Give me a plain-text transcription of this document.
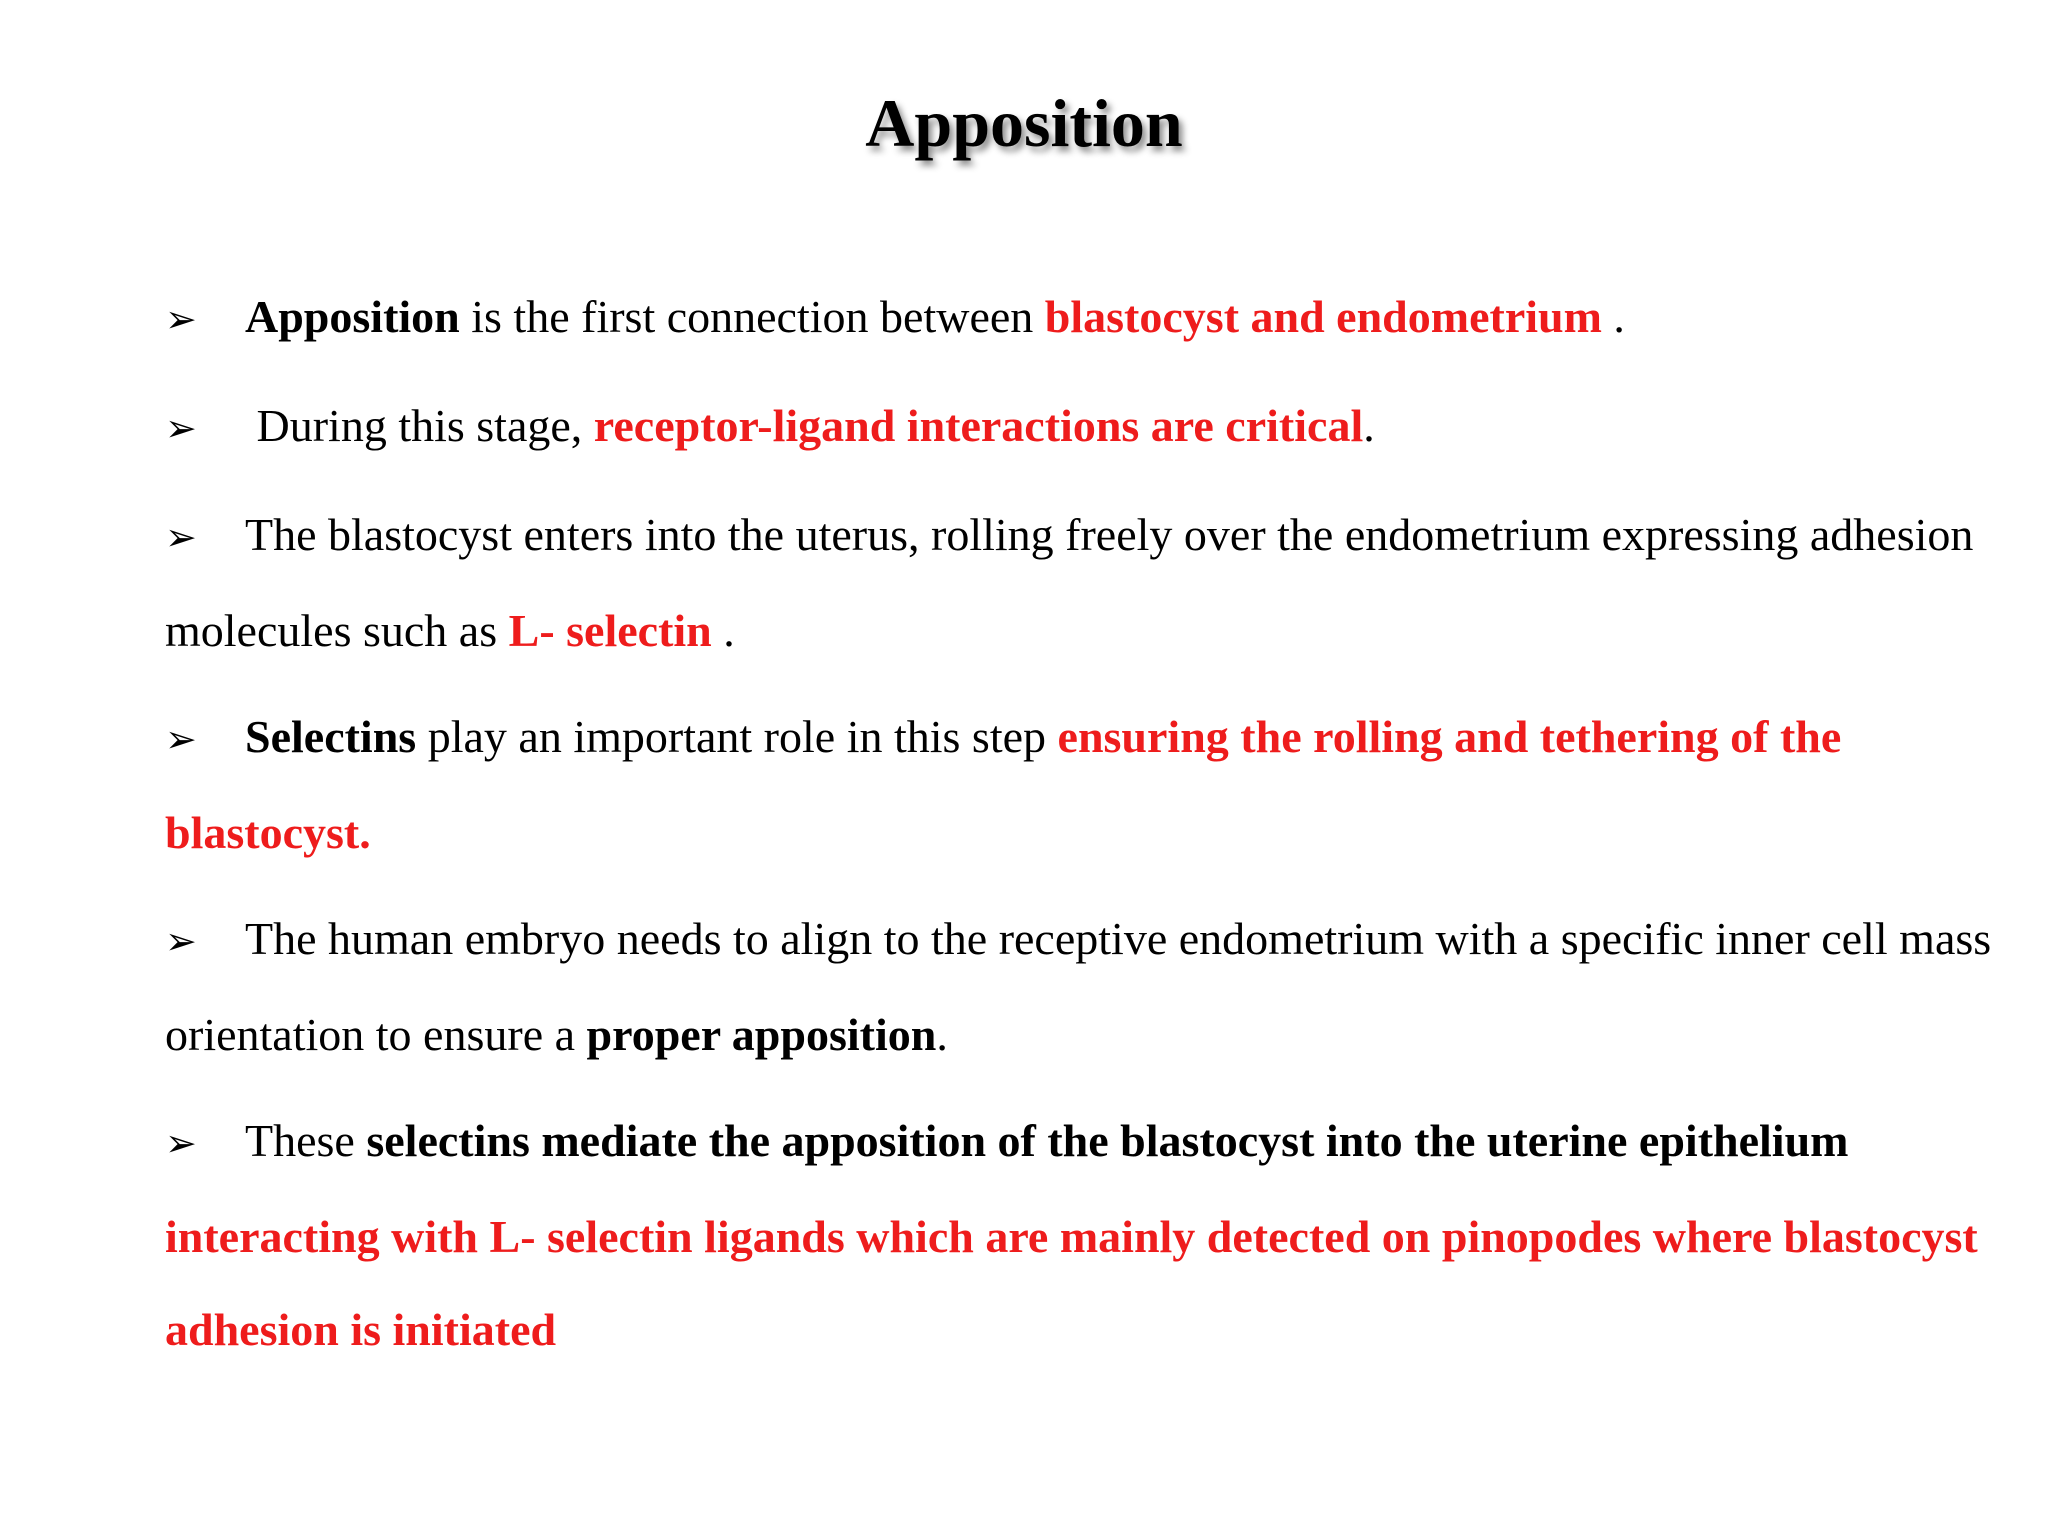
Apposition

➢ Apposition is the first connection between blastocyst and endometrium .

➢ During this stage, receptor-ligand interactions are critical.

➢ The blastocyst enters into the uterus, rolling freely over the endometrium expressing adhesion molecules such as L- selectin .

➢ Selectins play an important role in this step ensuring the rolling and tethering of the blastocyst.

➢ The human embryo needs to align to the receptive endometrium with a specific inner cell mass orientation to ensure a proper apposition.

➢ These selectins mediate the apposition of the blastocyst into the uterine epithelium interacting with L- selectin ligands which are mainly detected on pinopodes where blastocyst adhesion is initiated
